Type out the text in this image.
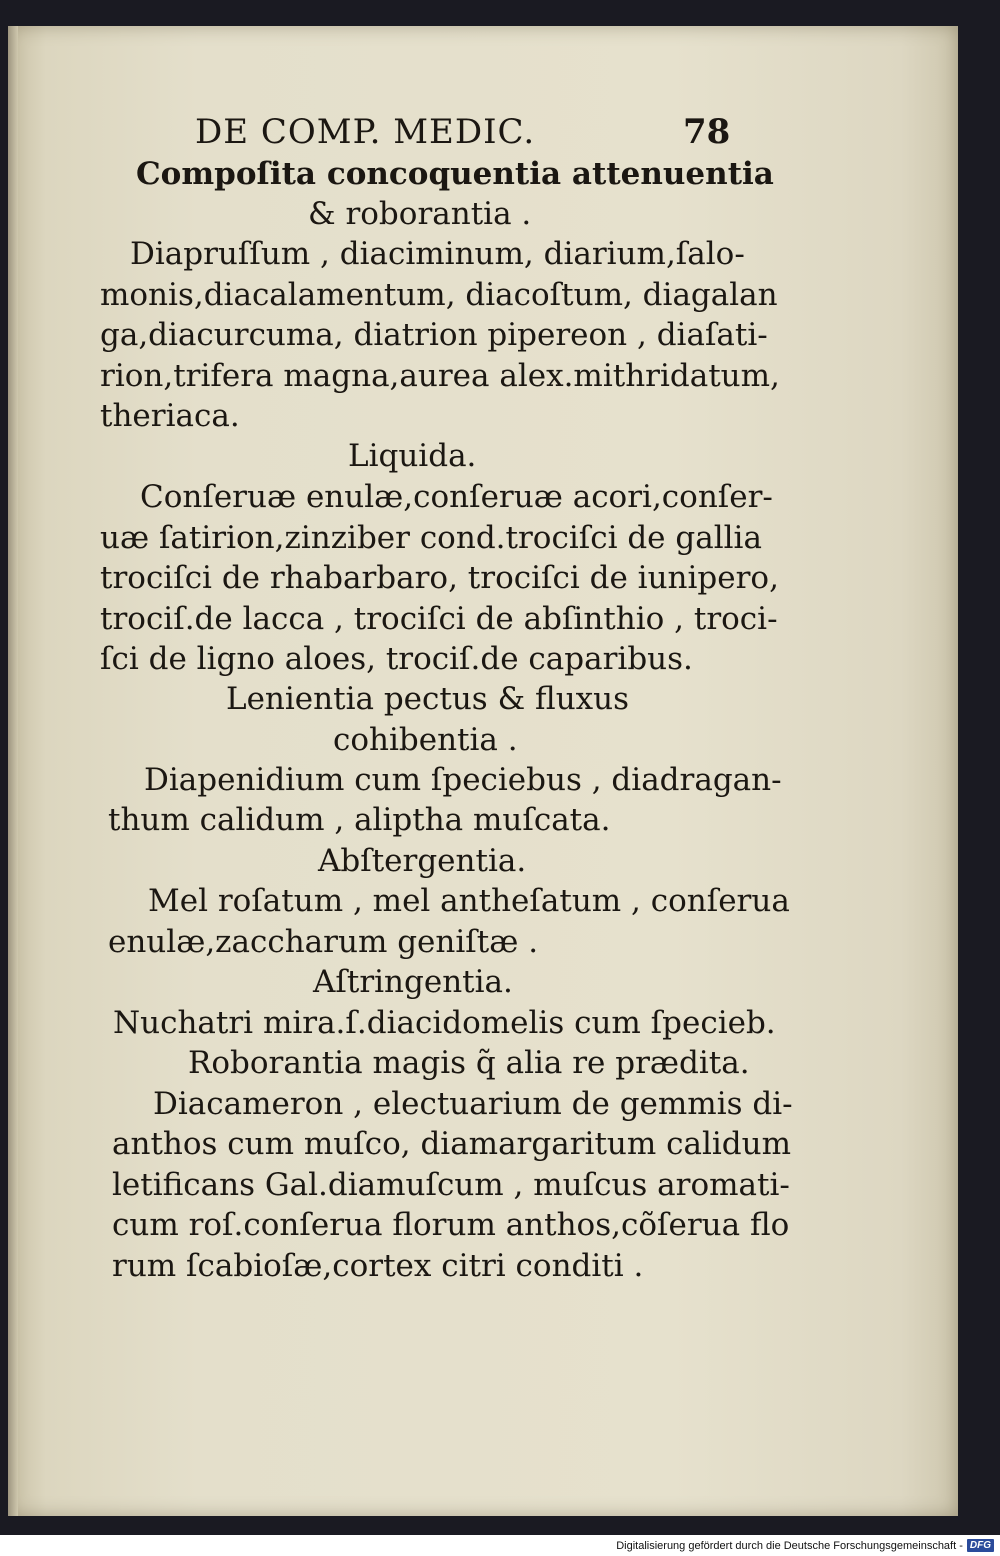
DE COMP. MEDIC.	78
Compoſita concoquentia attenuentia
& roborantia .
Diapruſſum , diaciminum, diarium,ſalo-
monis,diacalamentum, diacoſtum, diagalan
ga,diacurcuma, diatrion pipereon , diaſati-
rion,trifera magna,aurea alex.mithridatum,
theriaca.
Liquida.
Conſeruæ enulæ,conſeruæ acori,conſer-
uæ ſatirion,zinziber cond.trociſci de gallia
trociſci de rhabarbaro, trociſci de iunipero,
trociſ.de lacca , trociſci de abſinthio , troci-
ſci de ligno aloes, trociſ.de caparibus.
Lenientia pectus & fluxus
cohibentia .
Diapenidium cum ſpeciebus , diadragan-
thum calidum , alipthа muſcata.
Abſtergentia.
Mel roſatum , mel antheſatum , conſerua
enulæ,zaccharum geniſtæ .
Aſtringentia.
Nuchatri mira.ſ.diacidomelis cum ſpecieb.
Roborantia magis q̃ alia re prædita.
Diacameron , electuarium de gemmis di-
anthos cum muſco, diamargaritum calidum
letificans Gal.diamuſcum , muſcus aromati-
cum roſ.conſerua florum anthos,cõſerua flo
rum ſcabioſæ,cortex citri conditi .
Digitalisierung gefördert durch die Deutsche Forschungsgemeinschaft - DFG
